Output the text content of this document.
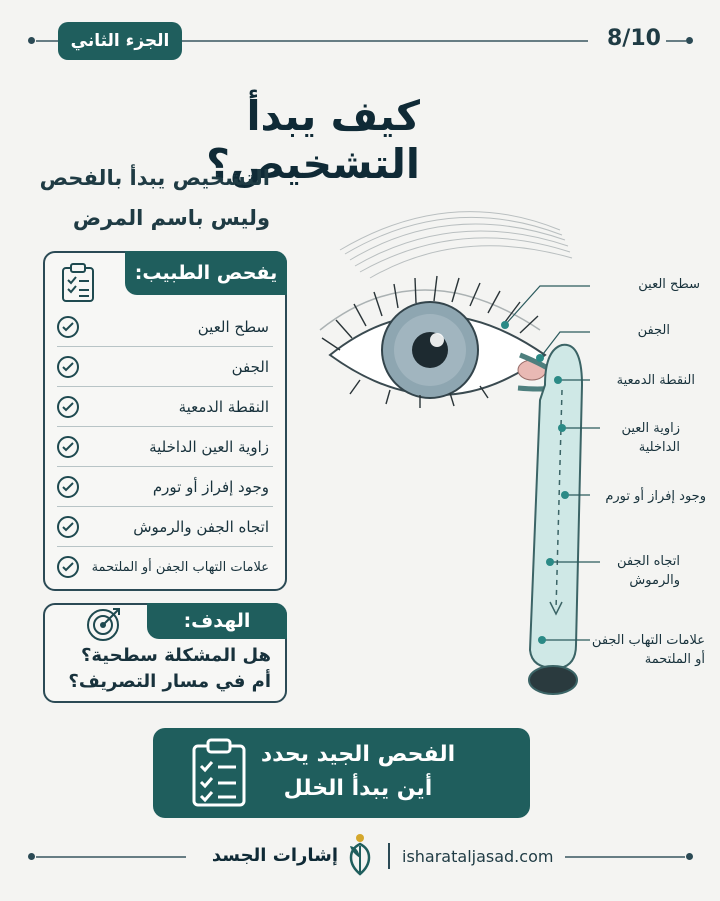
الجزء الثاني	8/10
كيف يبدأ التشخيص؟
التشخيص يبدأ بالفحص
وليس باسم المرض
سطح العين
الجفن
النقطة الدمعية
زاوية العين الداخلية
وجود إفراز أو تورم
اتجاه الجفن والرموش
علامات التهاب الجفن أو الملتحمة
يفحص الطبيب:
سطح العين
الجفن
النقطة الدمعية
زاوية العين الداخلية
وجود إفراز أو تورم
اتجاه الجفن والرموش
علامات التهاب الجفن أو الملتحمة
الهدف:
هل المشكلة سطحية؟
أم في مسار التصريف؟
الفحص الجيد يحدد
أين يبدأ الخلل
إشارات الجسد	isharataljasad.com
